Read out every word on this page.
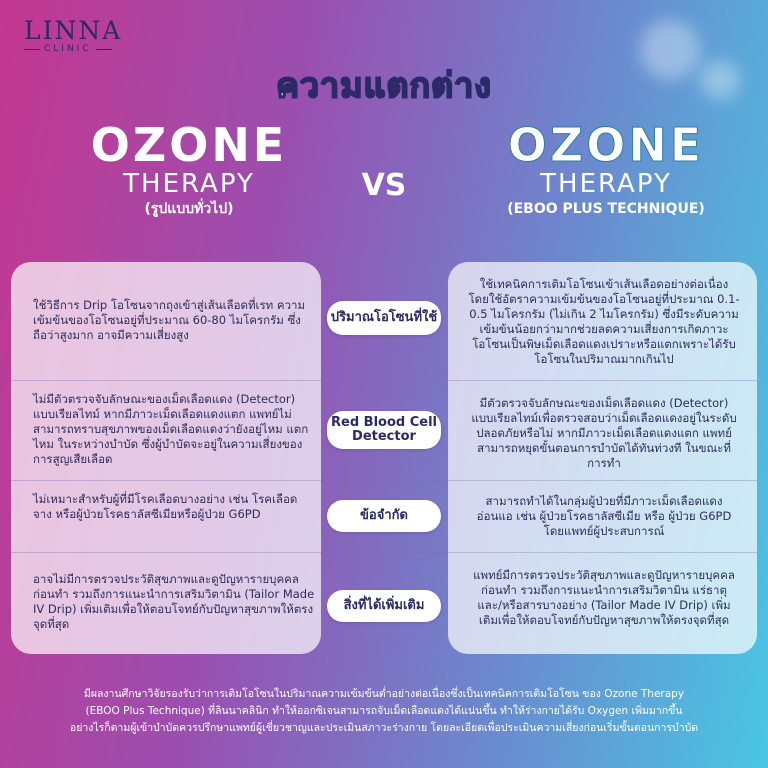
LINNA
CLINIC
ความแตกต่าง
OZONE
THERAPY
(รูปแบบทั่วไป)
VS
OZONE
THERAPY
(EBOO PLUS TECHNIQUE)
ใช้วิธีการ Drip โอโซนจากถุงเข้าสู่เส้นเลือดที่เรท ความเข้มข้นของโอโซนอยู่ที่ประมาณ 60-80 ไมโครกรัม ซึ่งถือว่าสูงมาก อาจมีความเสี่ยงสูง
ปริมาณโอโซนที่ใช้
ใช้เทคนิคการเติมโอโซนเข้าเส้นเลือดอย่างต่อเนื่อง โดยใช้อัตราความเข้มข้นของโอโซนอยู่ที่ประมาณ 0.1-0.5 ไมโครกรัม (ไม่เกิน 2 ไมโครกรัม) ซึ่งมีระดับความเข้มข้นน้อยกว่ามากช่วยลดความเสี่ยงการเกิดภาวะโอโซนเป็นพิษเม็ดเลือดแดงเปราะหรือแตกเพราะได้รับโอโซนในปริมาณมากเกินไป
ไม่มีตัวตรวจจับลักษณะของเม็ดเลือดแดง (Detector) แบบเรียลไทม์ หากมีภาวะเม็ดเลือดแดงแตก แพทย์ไม่สามารถทราบสุขภาพของเม็ดเลือดแดงว่ายังอยู่ไหม แตกไหม ในระหว่างบำบัด ซึ่งผู้บำบัดจะอยู่ในความเสี่ยงของการสูญเสียเลือด
Red Blood Cell Detector
มีตัวตรวจจับลักษณะของเม็ดเลือดแดง (Detector) แบบเรียลไทม์เพื่อตรวจสอบว่าเม็ดเลือดแดงอยู่ในระดับปลอดภัยหรือไม่ หากมีภาวะเม็ดเลือดแดงแตก แพทย์สามารถหยุดขั้นตอนการบำบัดได้ทันท่วงที ในขณะที่การทำ
ไม่เหมาะสำหรับผู้ที่มีโรคเลือดบางอย่าง เช่น โรคเลือดจาง หรือผู้ป่วยโรคธาลัสซีเมียหรือผู้ป่วย G6PD	ข้อจำกัด
สามารถทำได้ในกลุ่มผู้ป่วยที่มีภาวะเม็ดเลือดแดงอ่อนแอ เช่น ผู้ป่วยโรคธาลัสซีเมีย หรือ ผู้ป่วย G6PD โดยแพทย์ผู้ประสบการณ์
อาจไม่มีการตรวจประวัติสุขภาพและดูปัญหารายบุคคลก่อนทำ รวมถึงการแนะนำการเสริมวิตามิน (Tailor Made IV Drip) เพิ่มเติมเพื่อให้ตอบโจทย์กับปัญหาสุขภาพให้ตรงจุดที่สุด
สิ่งที่ได้เพิ่มเติม
แพทย์มีการตรวจประวัติสุขภาพและดูปัญหารายบุคคลก่อนทำ รวมถึงการแนะนำการเสริมวิตามิน แร่ธาตุ และ/หรือสารบางอย่าง (Tailor Made IV Drip) เพิ่มเติมเพื่อให้ตอบโจทย์กับปัญหาสุขภาพให้ตรงจุดที่สุด
มีผลงานศึกษาวิจัยรองรับว่าการเติมโอโซนในปริมาณความเข้มข้นต่ำอย่างต่อเนื่องซึ่งเป็นเทคนิคการเติมโอโซน ของ Ozone Therapy
(EBOO Plus Technique) ที่ลินนาคลินิก ทำให้ออกซิเจนสามารถจับเม็ดเลือดแดงได้แน่นขึ้น ทำให้ร่างกายได้รับ Oxygen เพิ่มมากขึ้น
อย่างไรก็ตามผู้เข้าบำบัดควรปรึกษาแพทย์ผู้เชี่ยวชาญและประเมินสภาวะร่างกาย โดยละเอียดเพื่อประเมินความเสี่ยงก่อนเริ่มขั้นตอนการบำบัด
